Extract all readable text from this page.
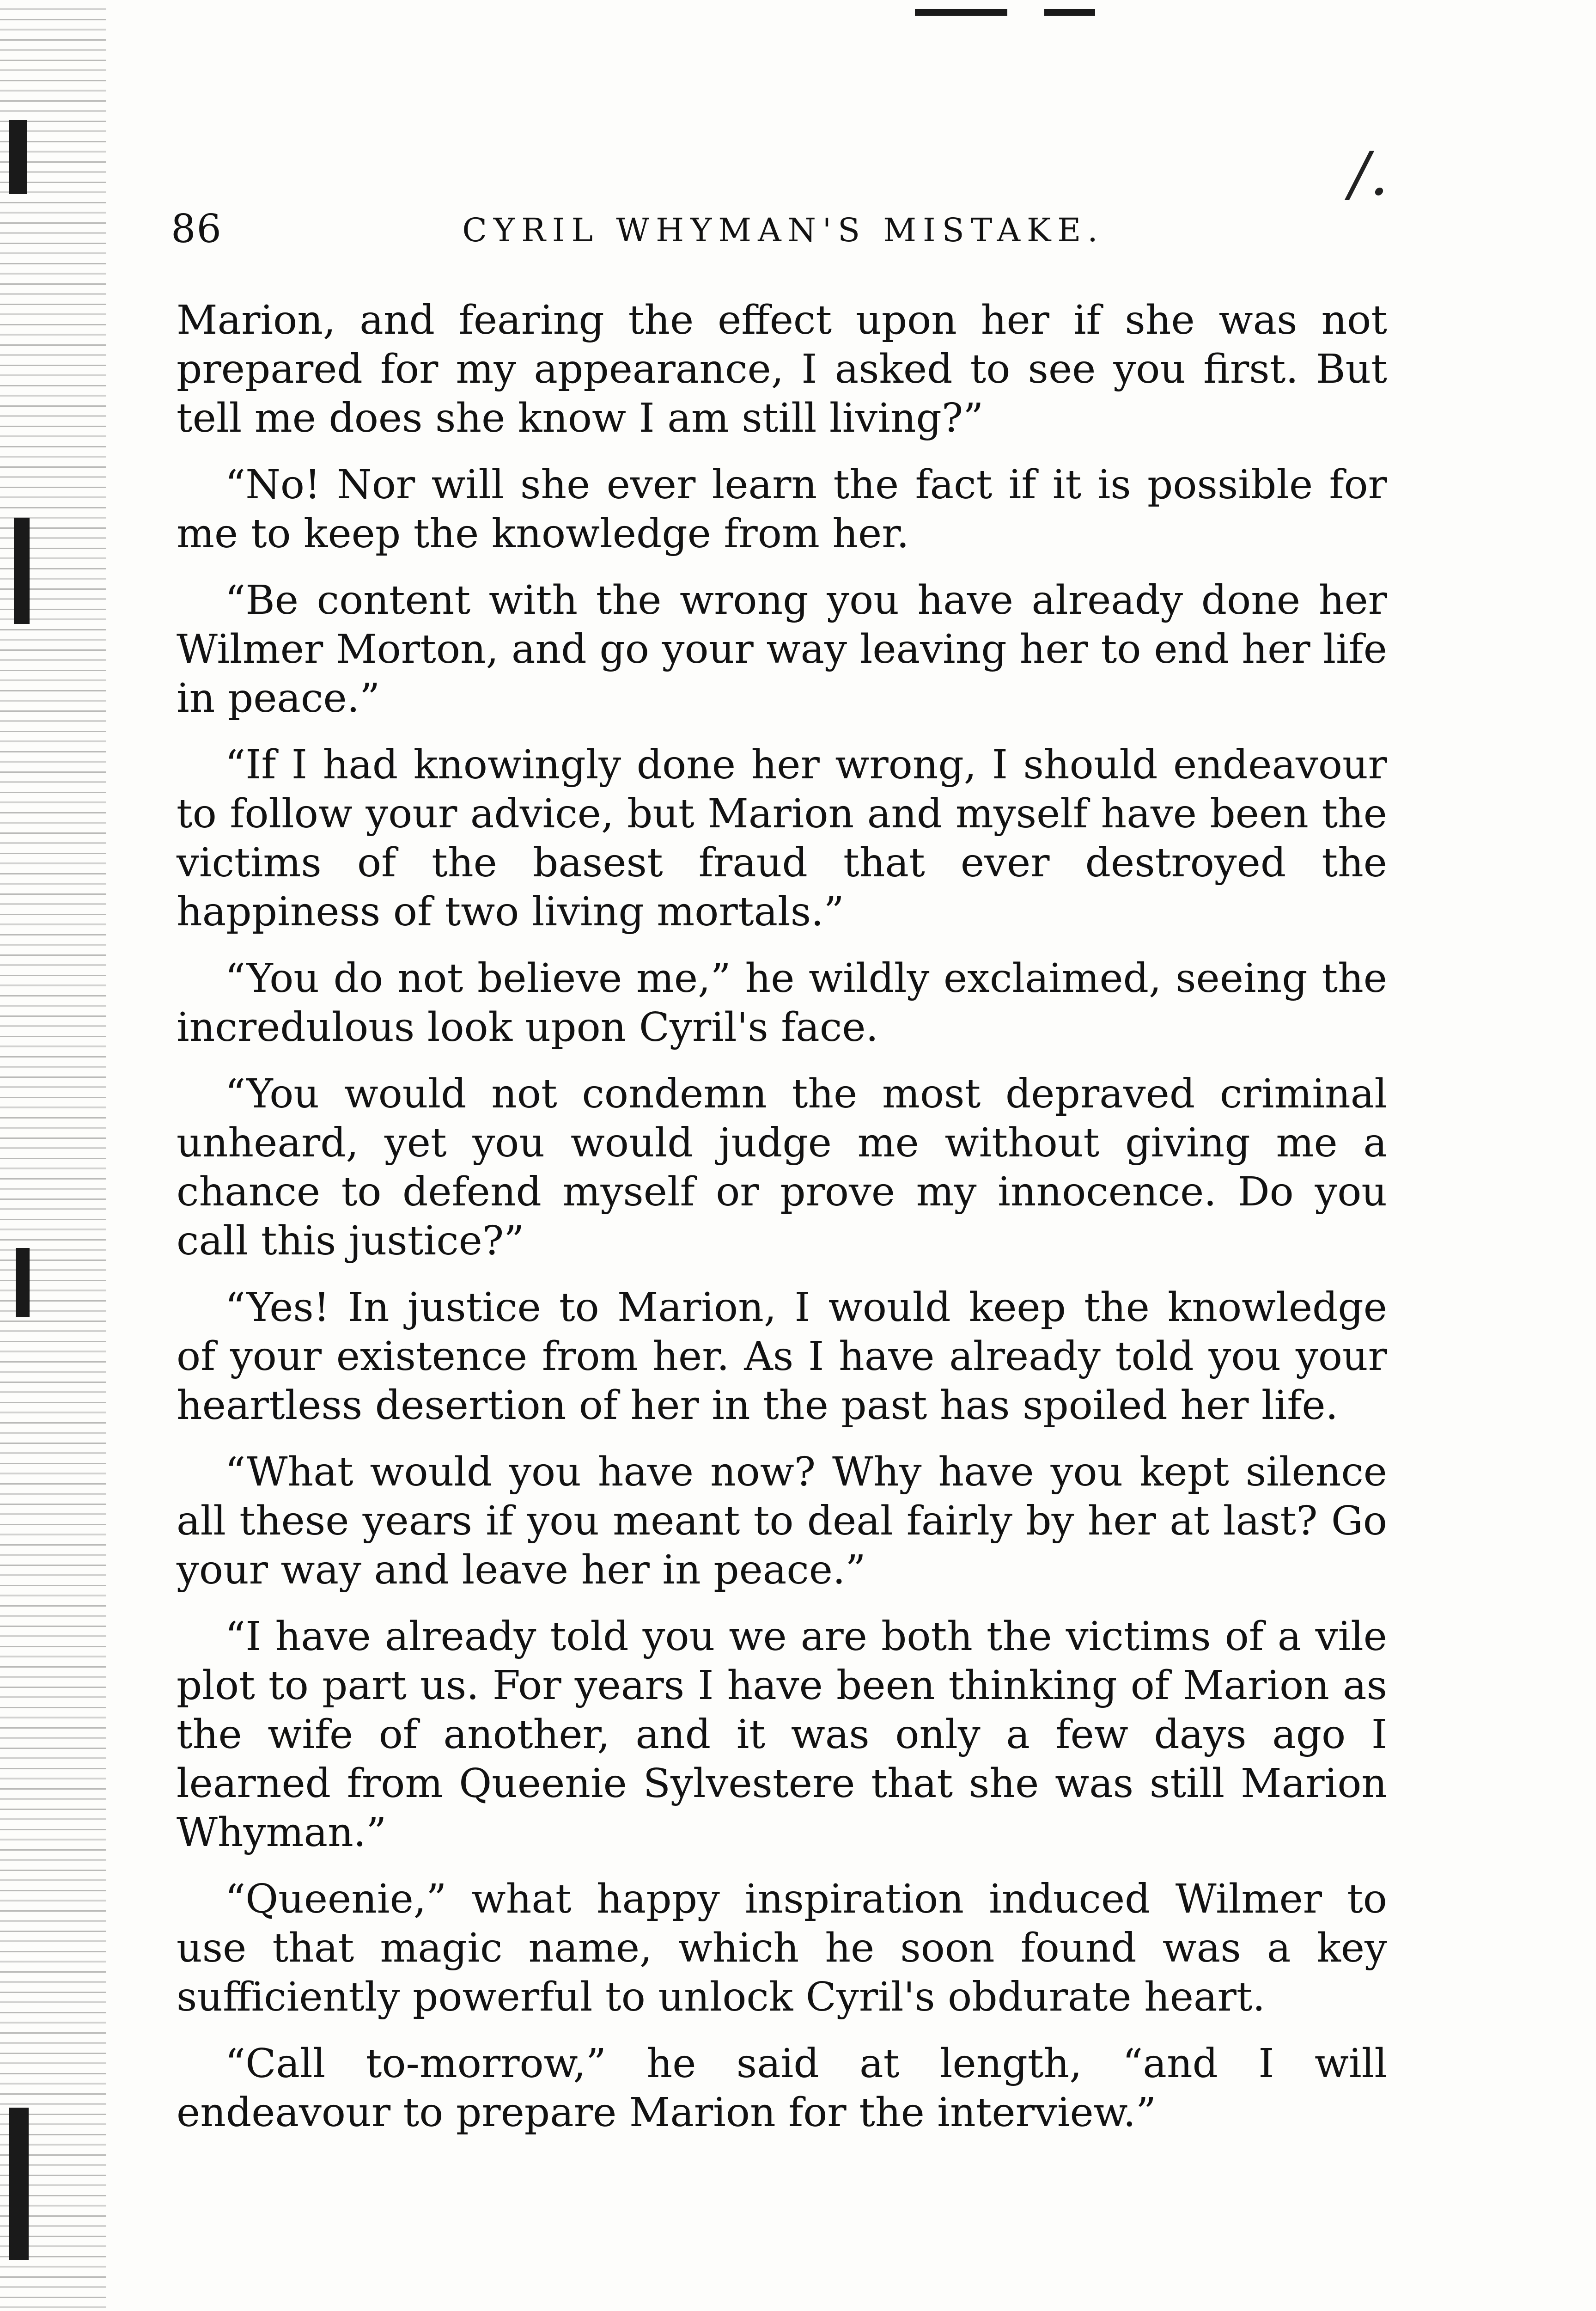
/.
86	CYRIL WHYMAN'S MISTAKE.

Marion, and fearing the effect upon her if she was not prepared for my appearance, I asked to see you first. But tell me does she know I am still living?”

“No! Nor will she ever learn the fact if it is possible for me to keep the knowledge from her.

“Be content with the wrong you have already done her Wilmer Morton, and go your way leaving her to end her life in peace.”

“If I had knowingly done her wrong, I should endeavour to follow your advice, but Marion and myself have been the victims of the basest fraud that ever destroyed the happiness of two living mortals.”

“You do not believe me,” he wildly exclaimed, seeing the incredulous look upon Cyril's face.

“You would not condemn the most depraved criminal unheard, yet you would judge me without giving me a chance to defend myself or prove my innocence. Do you call this justice?”

“Yes! In justice to Marion, I would keep the knowledge of your existence from her. As I have already told you your heartless desertion of her in the past has spoiled her life.

“What would you have now? Why have you kept silence all these years if you meant to deal fairly by her at last? Go your way and leave her in peace.”

“I have already told you we are both the victims of a vile plot to part us. For years I have been thinking of Marion as the wife of another, and it was only a few days ago I learned from Queenie Sylvestere that she was still Marion Whyman.”

“Queenie,” what happy inspiration induced Wilmer to use that magic name, which he soon found was a key sufficiently powerful to unlock Cyril's obdurate heart.

“Call to-morrow,” he said at length, “and I will endeavour to prepare Marion for the interview.”
